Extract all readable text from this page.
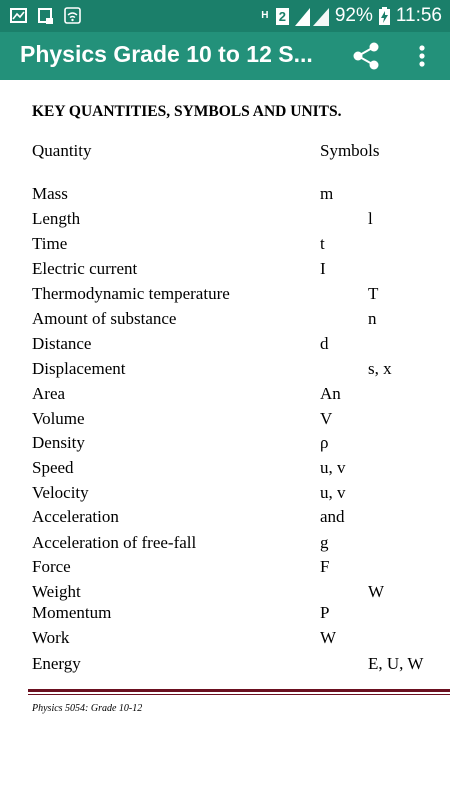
H 2	92% 11:56
Physics Grade 10 to 12 S...
KEY QUANTITIES, SYMBOLS AND UNITS.
Quantity	Symbols
Mass	m
Length	l
Time	t
Electric current	I
Thermodynamic temperature	T
Amount of substance	n
Distance	d
Displacement	s, x
Area	An
Volume	V
Density	ρ
Speed	u, v
Velocity	u, v
Acceleration	and
Acceleration of free-fall	g
Force	F
Weight	W
Momentum	P
Work	W
Energy	E, U, W
Physics 5054: Grade 10-12
